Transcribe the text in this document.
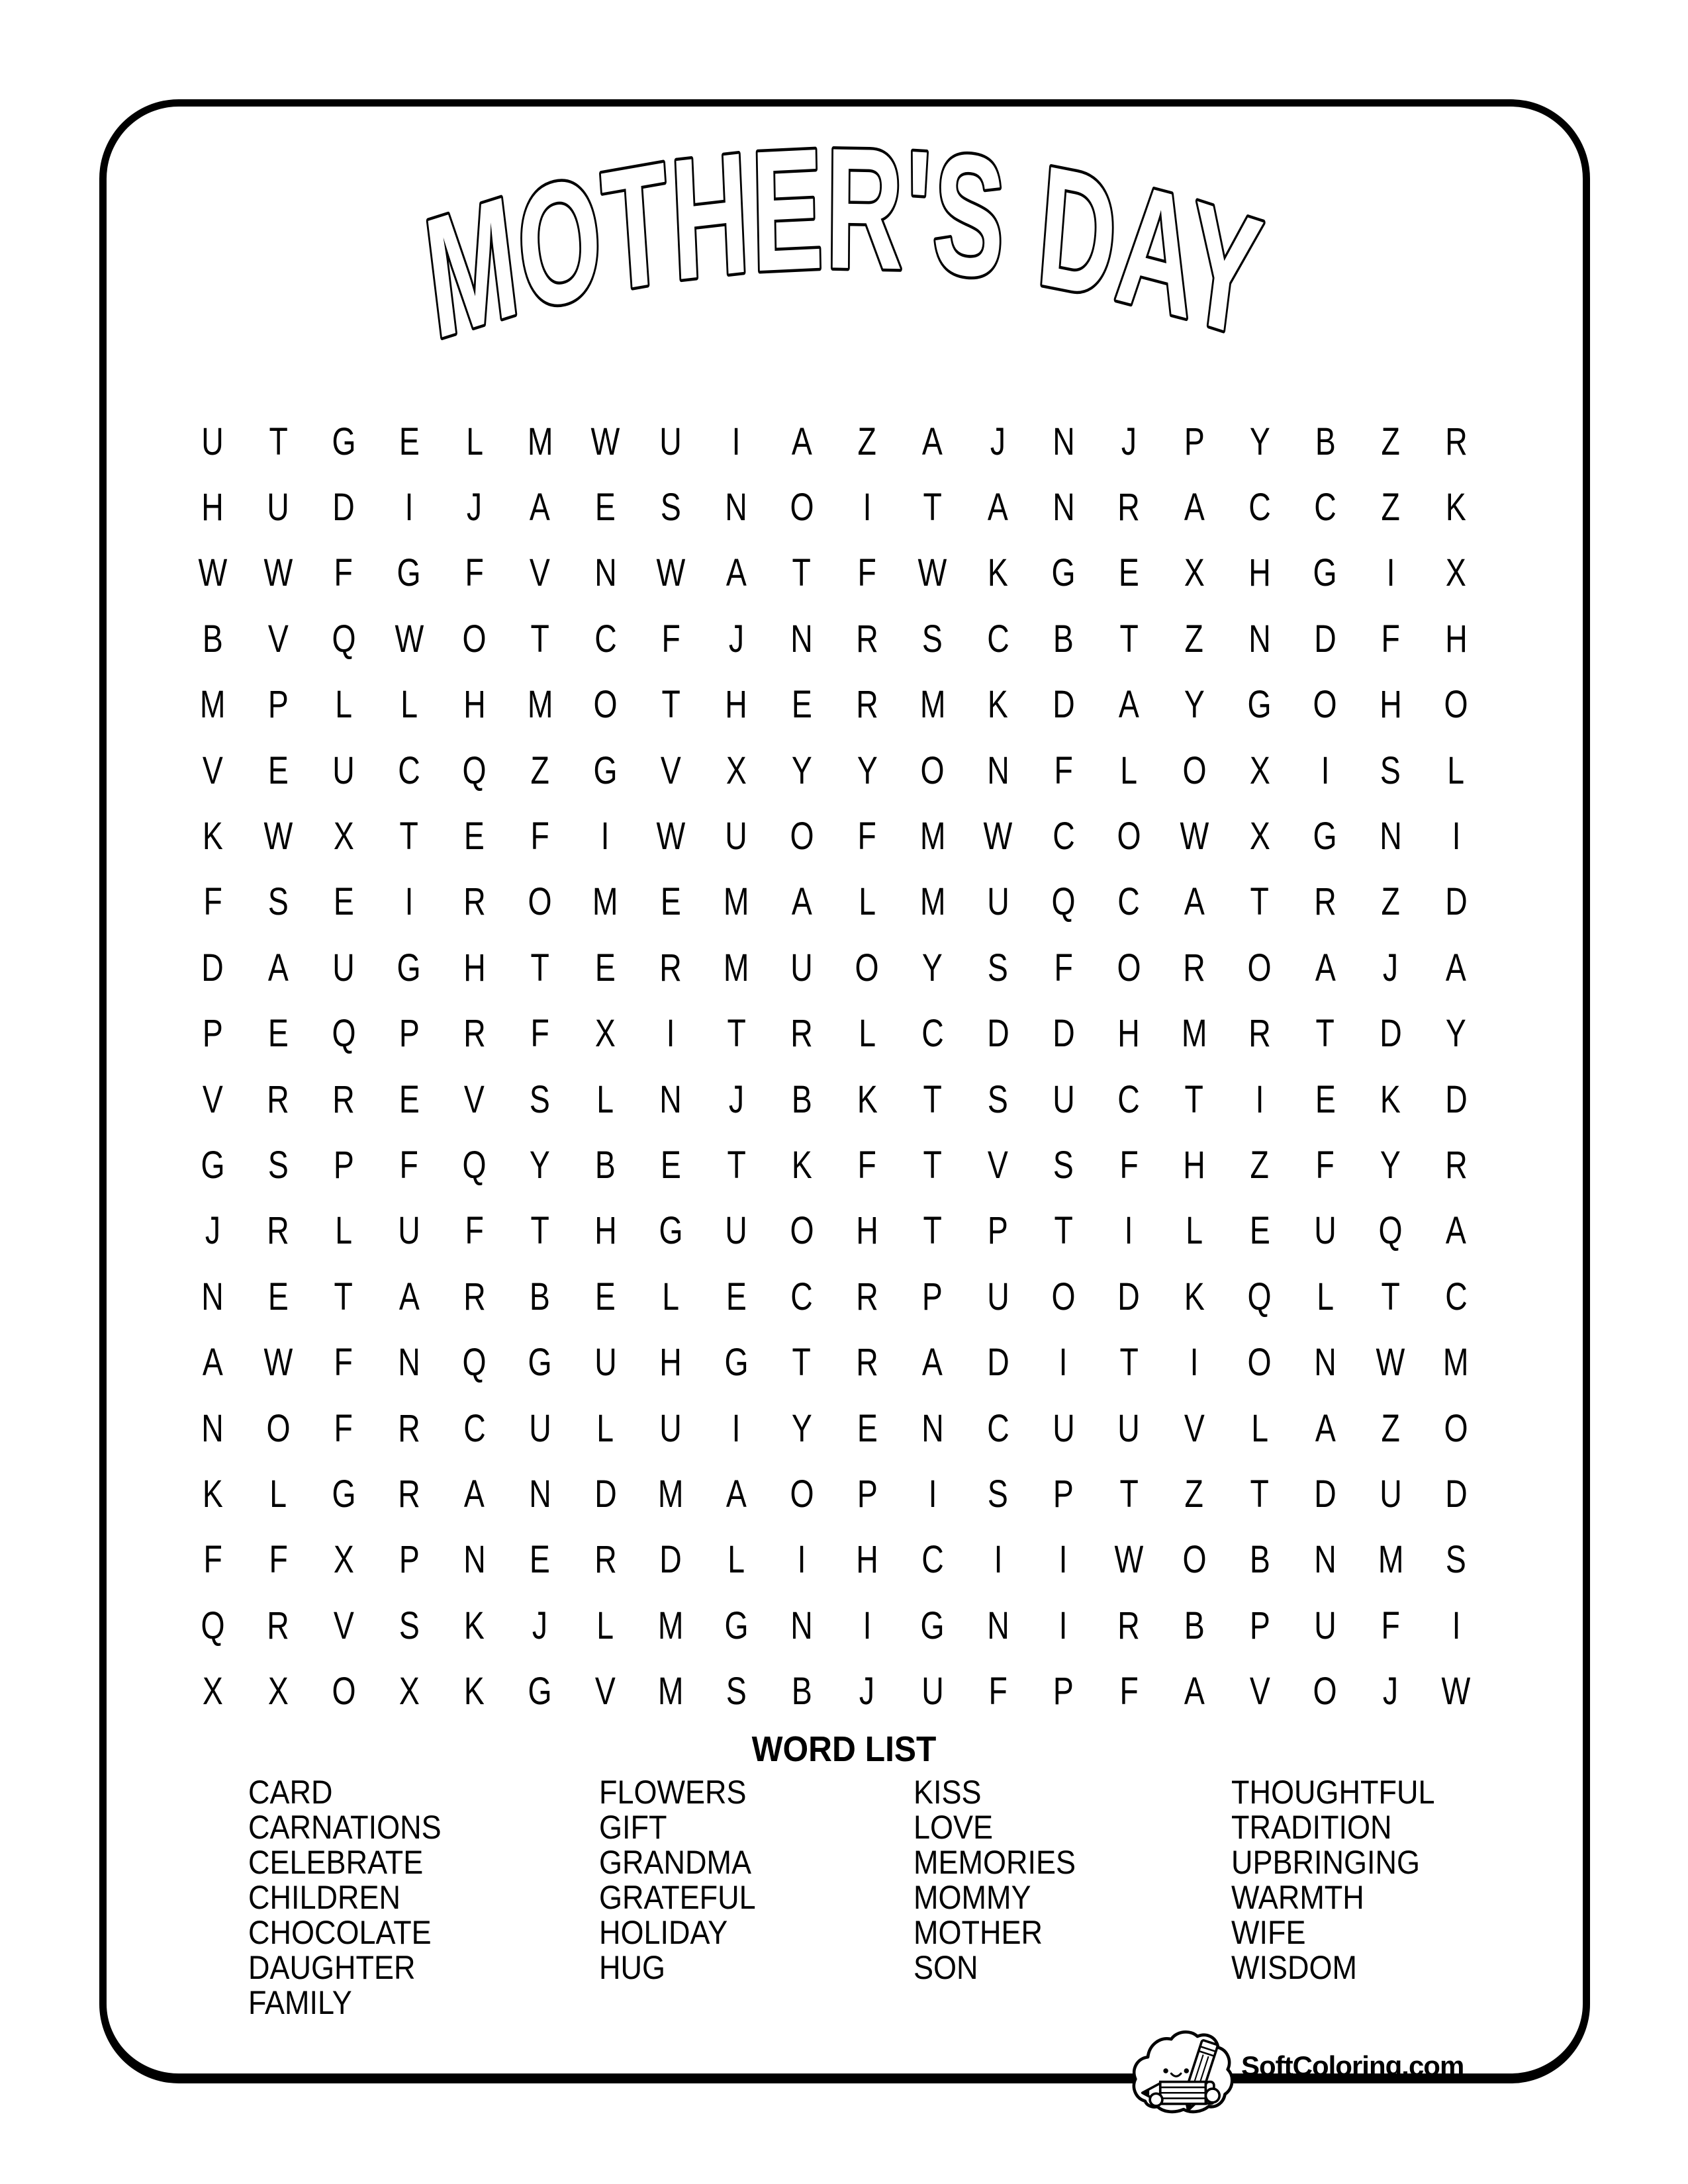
MOTHER'S DAY
U T G E L M W U I A Z A J N J P Y B Z R
H U D I J A E S N O I T A N R A C C Z K
W W F G F V N W A T F W K G E X H G I X
B V Q W O T C F J N R S C B T Z N D F H
M P L L H M O T H E R M K D A Y G O H O
V E U C Q Z G V X Y Y O N F L O X I S L
K W X T E F I W U O F M W C O W X G N I
F S E I R O M E M A L M U Q C A T R Z D
D A U G H T E R M U O Y S F O R O A J A
P E Q P R F X I T R L C D D H M R T D Y
V R R E V S L N J B K T S U C T I E K D
G S P F Q Y B E T K F T V S F H Z F Y R
J R L U F T H G U O H T P T I L E U Q A
N E T A R B E L E C R P U O D K Q L T C
A W F N Q G U H G T R A D I T I O N W M
N O F R C U L U I Y E N C U U V L A Z O
K L G R A N D M A O P I S P T Z T D U D
F F X P N E R D L I H C I I W O B N M S
Q R V S K J L M G N I G N I R B P U F I
X X O X K G V M S B J U F P F A V O J W
WORD LIST
CARD
CARNATIONS
CELEBRATE
CHILDREN
CHOCOLATE
DAUGHTER
FAMILY
FLOWERS
GIFT
GRANDMA
GRATEFUL
HOLIDAY
HUG
KISS
LOVE
MEMORIES
MOMMY
MOTHER
SON
THOUGHTFUL
TRADITION
UPBRINGING
WARMTH
WIFE
WISDOM
SoftColoring.com
